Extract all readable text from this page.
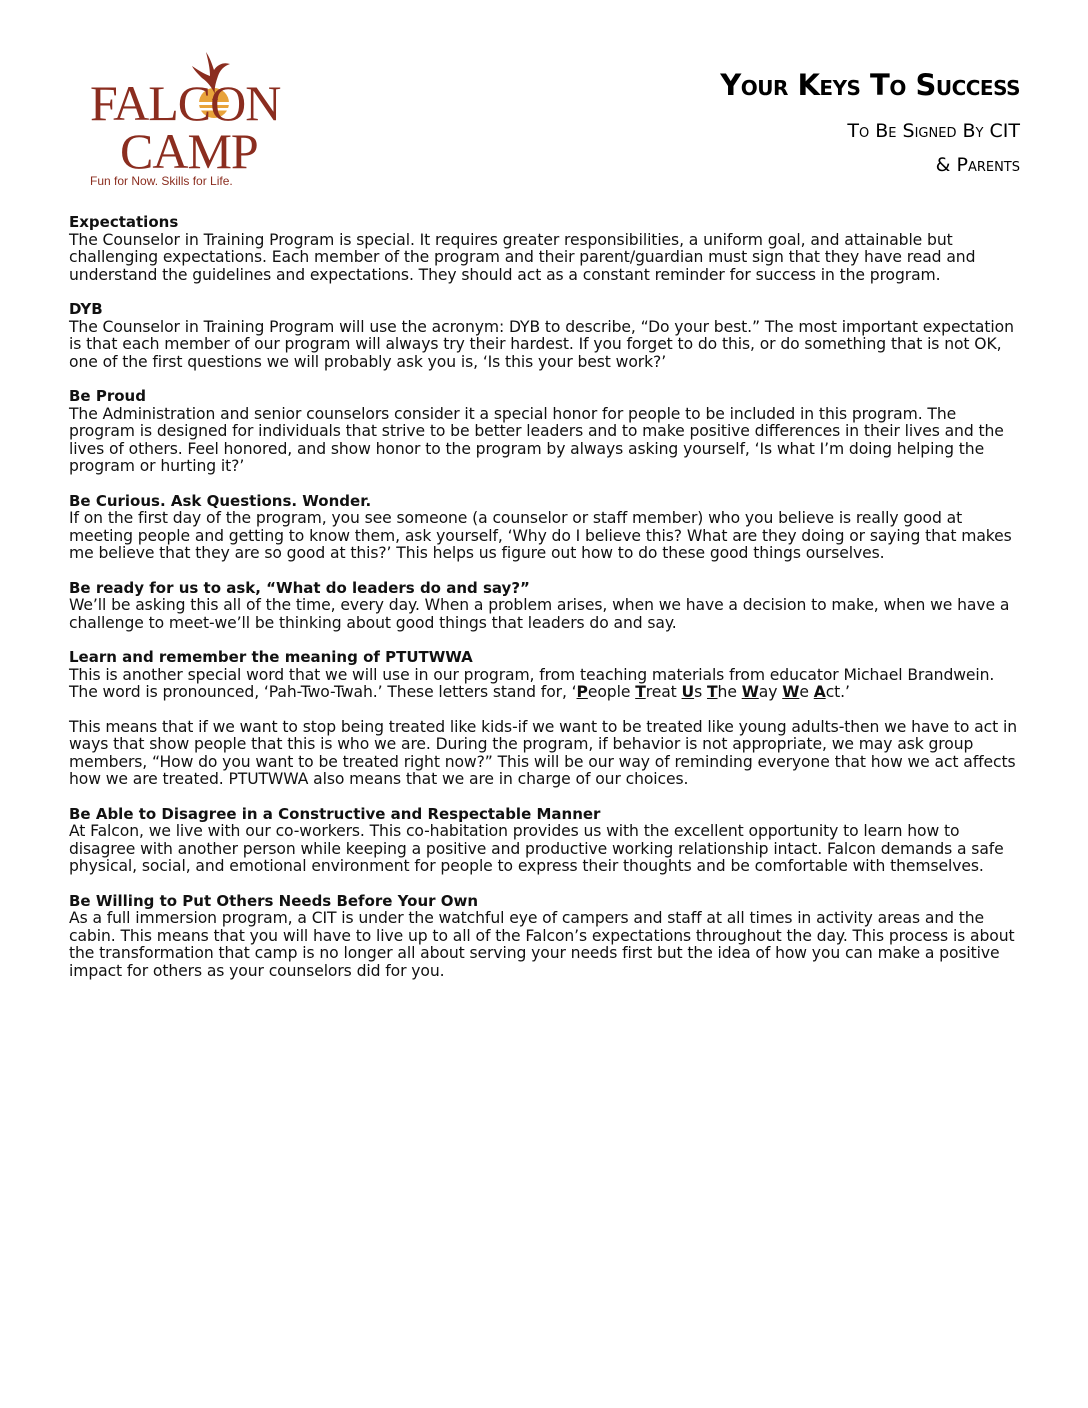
FALCON
CAMP
Fun for Now. Skills for Life.
Your Keys To Success
To Be Signed By CIT
& Parents
Expectations
The Counselor in Training Program is special. It requires greater responsibilities, a uniform goal, and attainable but challenging expectations. Each member of the program and their parent/guardian must sign that they have read and understand the guidelines and expectations. They should act as a constant reminder for success in the program.
DYB
The Counselor in Training Program will use the acronym: DYB to describe, “Do your best.” The most important expectation is that each member of our program will always try their hardest. If you forget to do this, or do something that is not OK, one of the first questions we will probably ask you is, ‘Is this your best work?’
Be Proud
The Administration and senior counselors consider it a special honor for people to be included in this program. The program is designed for individuals that strive to be better leaders and to make positive differences in their lives and the lives of others. Feel honored, and show honor to the program by always asking yourself, ‘Is what I’m doing helping the program or hurting it?’
Be Curious. Ask Questions. Wonder.
If on the first day of the program, you see someone (a counselor or staff member) who you believe is really good at meeting people and getting to know them, ask yourself, ‘Why do I believe this? What are they doing or saying that makes me believe that they are so good at this?’ This helps us figure out how to do these good things ourselves.
Be ready for us to ask, “What do leaders do and say?”
We’ll be asking this all of the time, every day. When a problem arises, when we have a decision to make, when we have a challenge to meet-we’ll be thinking about good things that leaders do and say.
Learn and remember the meaning of PTUTWWA
This is another special word that we will use in our program, from teaching materials from educator Michael Brandwein. The word is pronounced, ‘Pah-Two-Twah.’ These letters stand for, ‘People Treat Us The Way We Act.’
This means that if we want to stop being treated like kids-if we want to be treated like young adults-then we have to act in ways that show people that this is who we are. During the program, if behavior is not appropriate, we may ask group members, “How do you want to be treated right now?” This will be our way of reminding everyone that how we act affects how we are treated. PTUTWWA also means that we are in charge of our choices.
Be Able to Disagree in a Constructive and Respectable Manner
At Falcon, we live with our co-workers. This co-habitation provides us with the excellent opportunity to learn how to disagree with another person while keeping a positive and productive working relationship intact. Falcon demands a safe physical, social, and emotional environment for people to express their thoughts and be comfortable with themselves.
Be Willing to Put Others Needs Before Your Own
As a full immersion program, a CIT is under the watchful eye of campers and staff at all times in activity areas and the cabin. This means that you will have to live up to all of the Falcon’s expectations throughout the day. This process is about the transformation that camp is no longer all about serving your needs first but the idea of how you can make a positive impact for others as your counselors did for you.
